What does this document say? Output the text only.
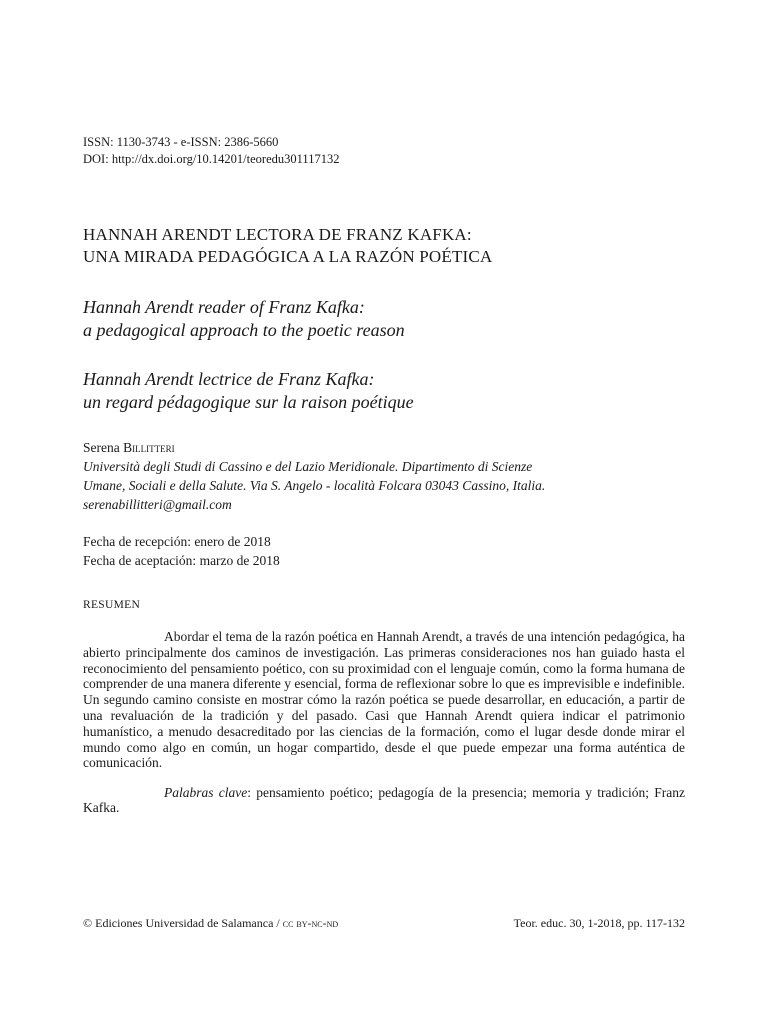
ISSN: 1130-3743 - e-ISSN: 2386-5660
DOI: http://dx.doi.org/10.14201/teoredu301117132
HANNAH ARENDT LECTORA DE FRANZ KAFKA:
UNA MIRADA PEDAGÓGICA A LA RAZÓN POÉTICA
Hannah Arendt reader of Franz Kafka:
a pedagogical approach to the poetic reason
Hannah Arendt lectrice de Franz Kafka:
un regard pédagogique sur la raison poétique
Serena Billitteri
Università degli Studi di Cassino e del Lazio Meridionale. Dipartimento di Scienze
Umane, Sociali e della Salute. Via S. Angelo - località Folcara 03043 Cassino, Italia.
serenabillitteri@gmail.com
Fecha de recepción: enero de 2018
Fecha de aceptación: marzo de 2018
RESUMEN

Abordar el tema de la razón poética en Hannah Arendt, a través de una intención pedagógica, ha abierto principalmente dos caminos de investigación. Las primeras consideraciones nos han guiado hasta el reconocimiento del pensamiento poético, con su proximidad con el lenguaje común, como la forma humana de comprender de una manera diferente y esencial, forma de reflexionar sobre lo que es imprevisible e indefinible. Un segundo camino consiste en mostrar cómo la razón poética se puede desarrollar, en educación, a partir de una revaluación de la tradición y del pasado. Casi que Hannah Arendt quiera indicar el patrimonio humanístico, a menudo desacreditado por las ciencias de la formación, como el lugar desde donde mirar el mundo como algo en común, un hogar compartido, desde el que puede empezar una forma auténtica de comunicación.

Palabras clave: pensamiento poético; pedagogía de la presencia; memoria y tradición; Franz Kafka.

© Ediciones Universidad de Salamanca / cc by-nc-nd	Teor. educ. 30, 1-2018, pp. 117-132
